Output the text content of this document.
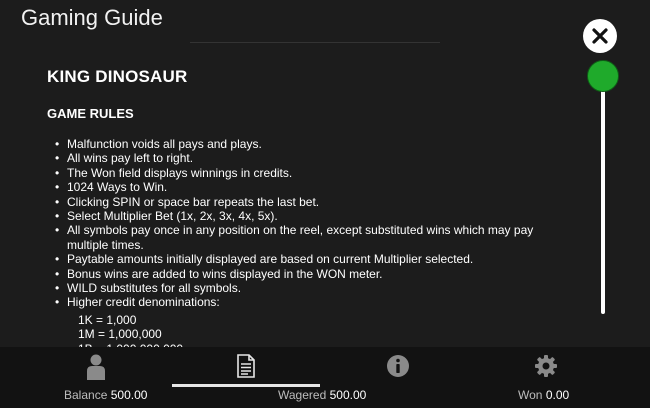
Gaming Guide
KING DINOSAUR
GAME RULES
• Malfunction voids all pays and plays.
• All wins pay left to right.
• The Won field displays winnings in credits.
• 1024 Ways to Win.
• Clicking SPIN or space bar repeats the last bet.
• Select Multiplier Bet (1x, 2x, 3x, 4x, 5x).
• All symbols pay once in any position on the reel, except substituted wins which may pay multiple times.
• Paytable amounts initially displayed are based on current Multiplier selected.
• Bonus wins are added to wins displayed in the WON meter.
• WILD substitutes for all symbols.
• Higher credit denominations:
1K = 1,000
1M = 1,000,000
Balance 500.00	Wagered 500.00	Won 0.00
